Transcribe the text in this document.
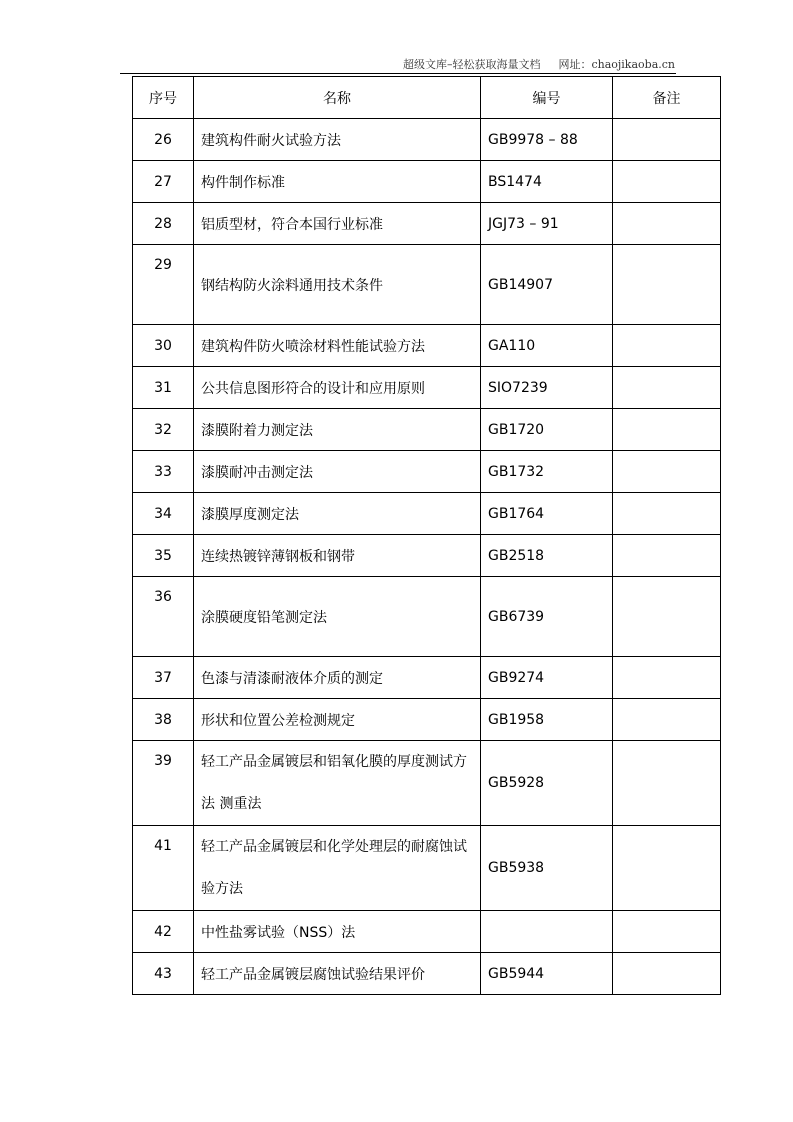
超级文库–轻松获取海量文档 网址：chaojikaoba.cn
序号	名称	编号	备注
26	建筑构件耐火试验方法	GB9978 – 88	
27	构件制作标准	BS1474	
28	铝质型材，符合本国行业标准	JGJ73 – 91	
29	钢结构防火涂料通用技术条件	GB14907	
30	建筑构件防火喷涂材料性能试验方法	GA110	
31	公共信息图形符合的设计和应用原则	SIO7239	
32	漆膜附着力测定法	GB1720	
33	漆膜耐冲击测定法	GB1732	
34	漆膜厚度测定法	GB1764	
35	连续热镀锌薄钢板和钢带	GB2518	
36	涂膜硬度铅笔测定法	GB6739	
37	色漆与清漆耐液体介质的测定	GB9274	
38	形状和位置公差检测规定	GB1958	
39	轻工产品金属镀层和铝氧化膜的厚度测试方法 测重法	GB5928	
41	轻工产品金属镀层和化学处理层的耐腐蚀试验方法	GB5938	
42	中性盐雾试验（NSS）法		
43	轻工产品金属镀层腐蚀试验结果评价	GB5944	
